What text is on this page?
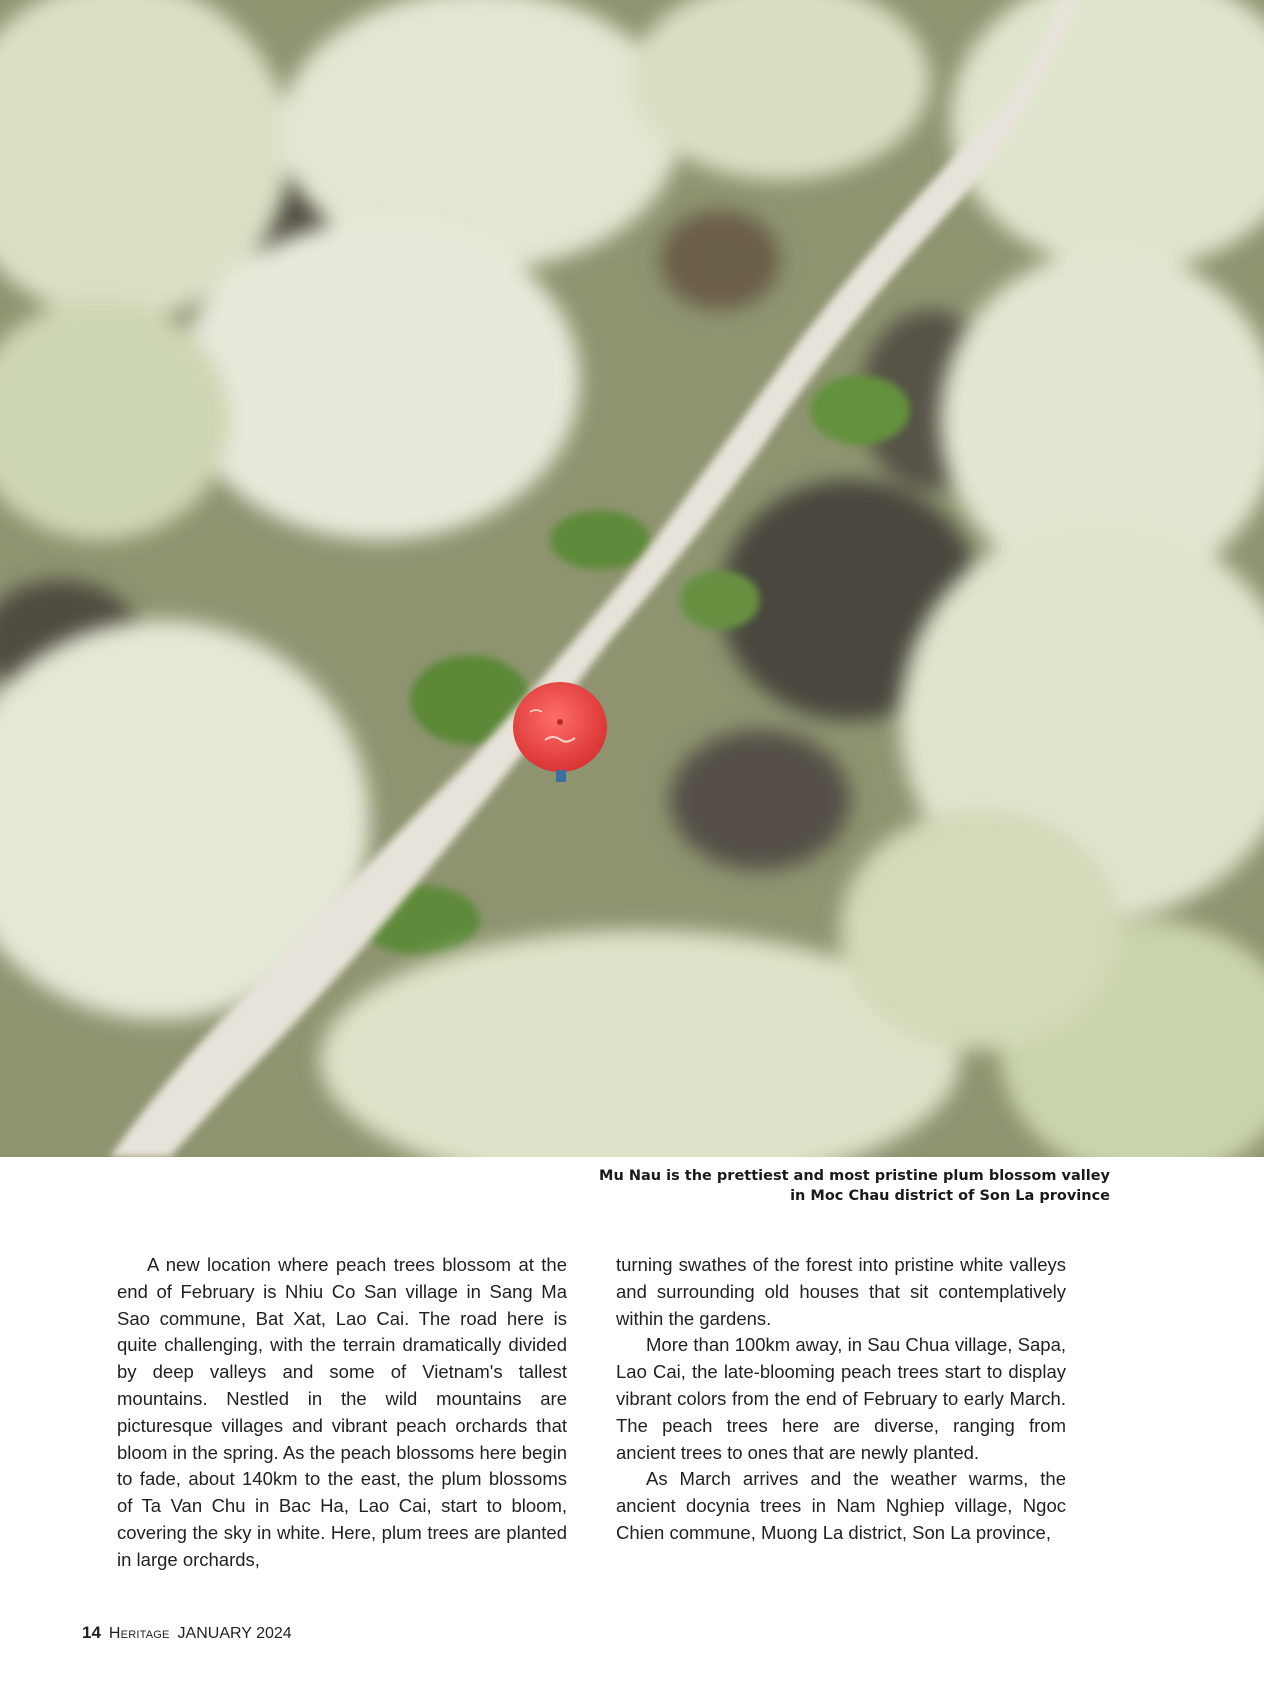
Mu Nau is the prettiest and most pristine plum blossom valley
in Moc Chau district of Son La province

A new location where peach trees blossom at the end of February is Nhiu Co San village in Sang Ma Sao commune, Bat Xat, Lao Cai. The road here is quite challenging, with the terrain dramatically divided by deep valleys and some of Vietnam's tallest mountains. Nestled in the wild mountains are picturesque villages and vibrant peach orchards that bloom in the spring. As the peach blossoms here begin to fade, about 140km to the east, the plum blossoms of Ta Van Chu in Bac Ha, Lao Cai, start to bloom, covering the sky in white. Here, plum trees are planted in large orchards,

turning swathes of the forest into pristine white valleys and surrounding old houses that sit contemplatively within the gardens.

More than 100km away, in Sau Chua village, Sapa, Lao Cai, the late-blooming peach trees start to display vibrant colors from the end of February to early March. The peach trees here are diverse, ranging from ancient trees to ones that are newly planted.

As March arrives and the weather warms, the ancient docynia trees in Nam Nghiep village, Ngoc Chien commune, Muong La district, Son La province,

14 Heritage JANUARY 2024
